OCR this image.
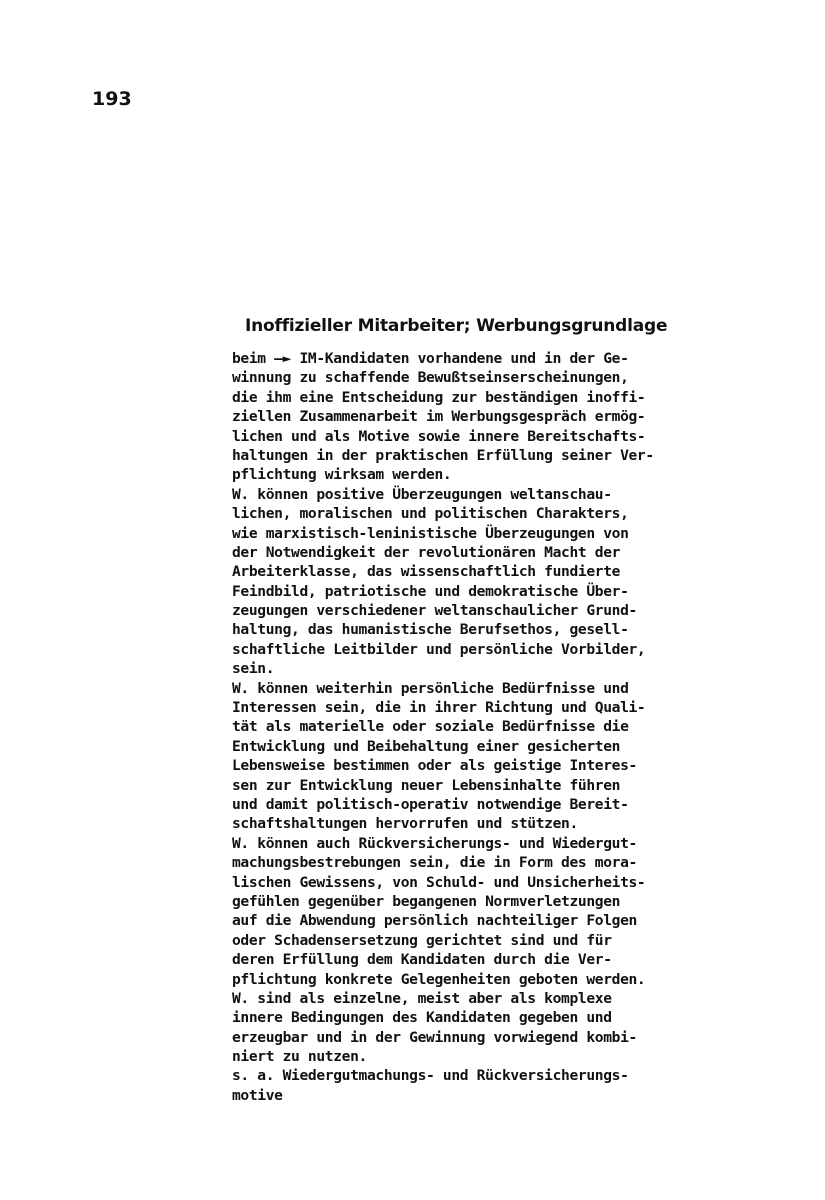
193
Inoffizieller Mitarbeiter; Werbungsgrundlage
beim —► IM-Kandidaten vorhandene und in der Ge-
winnung zu schaffende Bewußtseinserscheinungen,
die ihm eine Entscheidung zur beständigen inoffi-
ziellen Zusammenarbeit im Werbungsgespräch ermög-
lichen und als Motive sowie innere Bereitschafts-
haltungen in der praktischen Erfüllung seiner Ver-
pflichtung wirksam werden.
W. können positive Überzeugungen weltanschau-
lichen, moralischen und politischen Charakters,
wie marxistisch-leninistische Überzeugungen von
der Notwendigkeit der revolutionären Macht der
Arbeiterklasse, das wissenschaftlich fundierte
Feindbild, patriotische und demokratische Über-
zeugungen verschiedener weltanschaulicher Grund-
haltung, das humanistische Berufsethos, gesell-
schaftliche Leitbilder und persönliche Vorbilder,
sein.
W. können weiterhin persönliche Bedürfnisse und
Interessen sein, die in ihrer Richtung und Quali-
tät als materielle oder soziale Bedürfnisse die
Entwicklung und Beibehaltung einer gesicherten
Lebensweise bestimmen oder als geistige Interes-
sen zur Entwicklung neuer Lebensinhalte führen
und damit politisch-operativ notwendige Bereit-
schaftshaltungen hervorrufen und stützen.
W. können auch Rückversicherungs- und Wiedergut-
machungsbestrebungen sein, die in Form des mora-
lischen Gewissens, von Schuld- und Unsicherheits-
gefühlen gegenüber begangenen Normverletzungen
auf die Abwendung persönlich nachteiliger Folgen
oder Schadensersetzung gerichtet sind und für
deren Erfüllung dem Kandidaten durch die Ver-
pflichtung konkrete Gelegenheiten geboten werden.
W. sind als einzelne, meist aber als komplexe
innere Bedingungen des Kandidaten gegeben und
erzeugbar und in der Gewinnung vorwiegend kombi-
niert zu nutzen.
s. a. Wiedergutmachungs- und Rückversicherungs-
motive
